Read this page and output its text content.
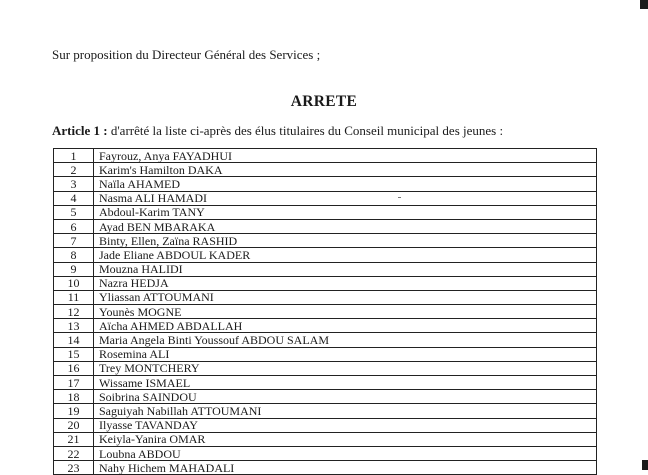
Sur proposition du Directeur Général des Services ;
ARRETE
Article 1 : d'arrêté la liste ci-après des élus titulaires du Conseil municipal des jeunes :
1	Fayrouz, Anya FAYADHUI
2	Karim's Hamilton DAKA
3	Naïla AHAMED
4	Nasma ALI HAMADI
5	Abdoul-Karim TANY
6	Ayad BEN MBARAKA
7	Binty, Ellen, Zaïna RASHID
8	Jade Eliane ABDOUL KADER
9	Mouzna HALIDI
10	Nazra HEDJA
11	Yliassan ATTOUMANI
12	Younès MOGNE
13	Aïcha AHMED ABDALLAH
14	Maria Angela Binti Youssouf ABDOU SALAM
15	Rosemina ALI
16	Trey MONTCHERY
17	Wissame ISMAEL
18	Soibrina SAINDOU
19	Saguiyah Nabillah ATTOUMANI
20	Ilyasse TAVANDAY
21	Keiyla-Yanira OMAR
22	Loubna ABDOU
23	Nahy Hichem MAHADALI
